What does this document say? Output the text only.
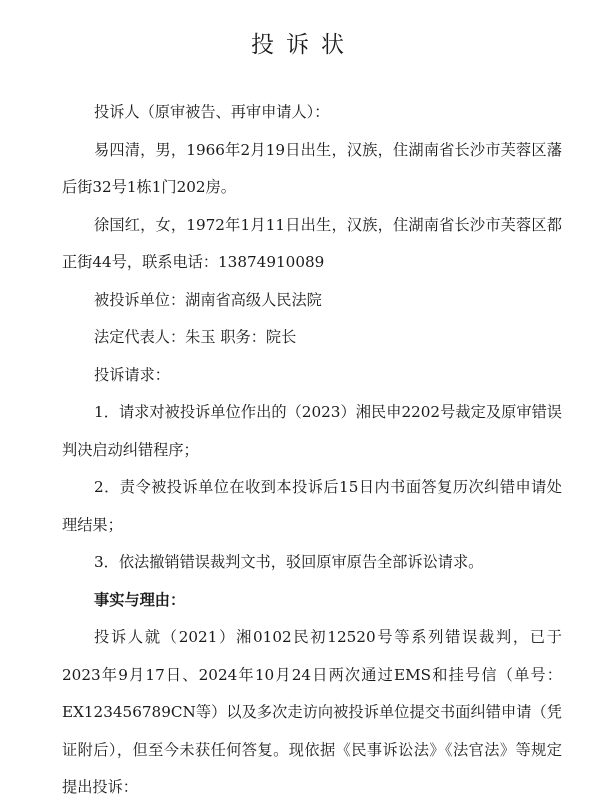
投诉状

投诉人（原审被告、再审申请人）：

易四清，男，1966年2月19日出生，汉族，住湖南省长沙市芙蓉区藩后街32号1栋1门202房。

徐国红，女，1972年1月11日出生，汉族，住湖南省长沙市芙蓉区都正街44号，联系电话：13874910089

被投诉单位：湖南省高级人民法院

法定代表人：朱玉 职务：院长

投诉请求：

1．请求对被投诉单位作出的（2023）湘民申2202号裁定及原审错误判决启动纠错程序；

2．责令被投诉单位在收到本投诉后15日内书面答复历次纠错申请处理结果；

3．依法撤销错误裁判文书，驳回原审原告全部诉讼请求。

事实与理由：

投诉人就（2021）湘0102民初12520号等系列错误裁判，已于2023年9月17日、2024年10月24日两次通过EMS和挂号信（单号：EX123456789CN等）以及多次走访向被投诉单位提交书面纠错申请（凭证附后），但至今未获任何答复。现依据《民事诉讼法》《法官法》等规定提出投诉：
